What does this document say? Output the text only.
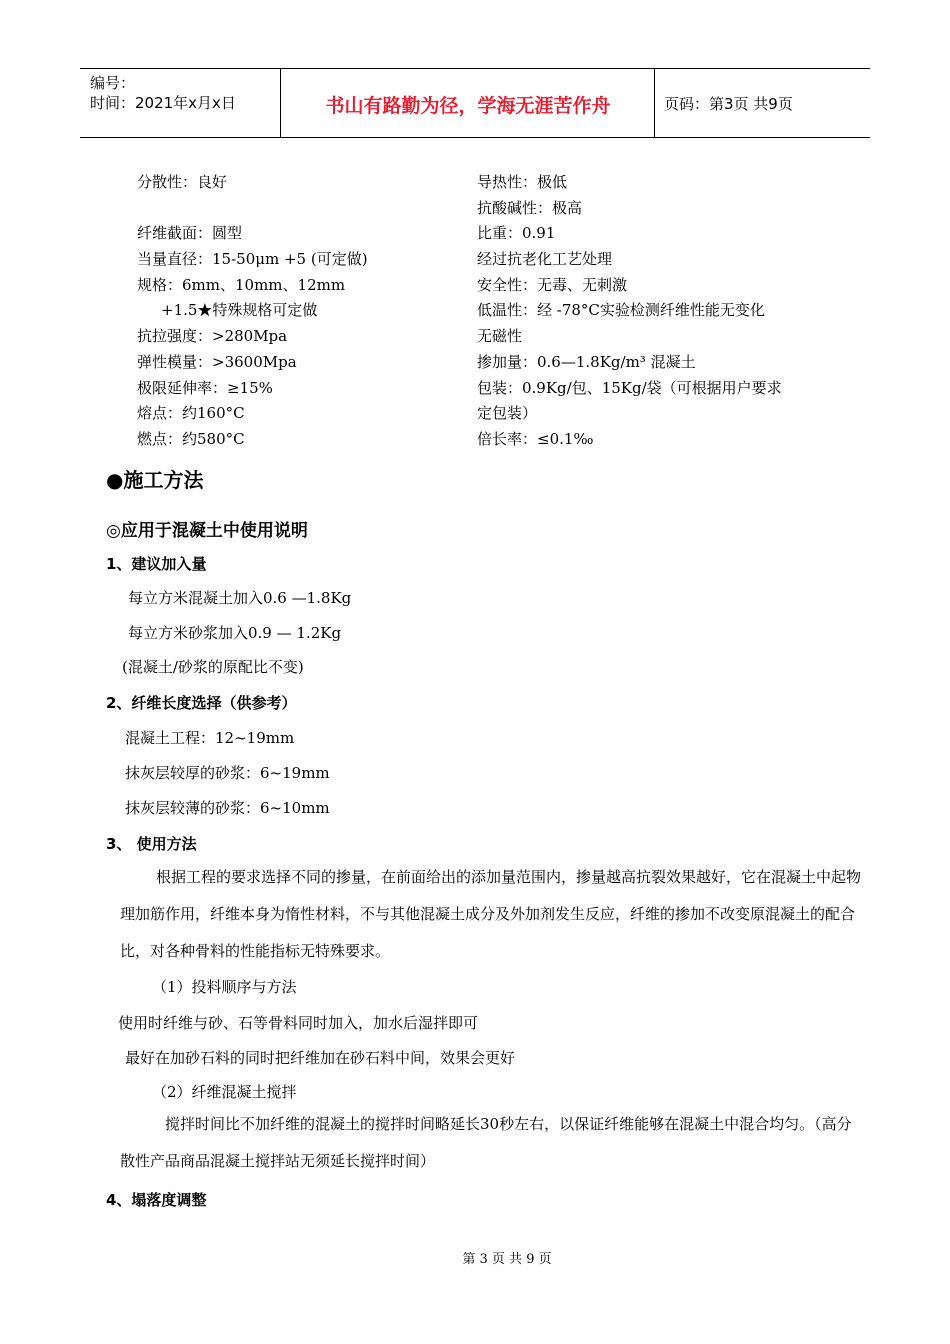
编号：
时间：2021年x月x日	书山有路勤为径，学海无涯苦作舟	页码：第3页 共9页
分散性：良好
纤维截面：圆型
当量直径：15-50μm +5 (可定做)
规格：6mm、10mm、12mm
+1.5★特殊规格可定做
抗拉强度：>280Mpa
弹性模量：>3600Mpa
极限延伸率：≥15%
熔点：约160°C
燃点：约580°C
导热性：极低
抗酸碱性：极高
比重：0.91
经过抗老化工艺处理
安全性：无毒、无刺激
低温性：经 -78°C实验检测纤维性能无变化
无磁性
掺加量：0.6—1.8Kg/m³ 混凝土
包装：0.9Kg/包、15Kg/袋（可根据用户要求
定包装）
倍长率：≤0.1‰
●施工方法
◎应用于混凝土中使用说明
1、建议加入量
每立方米混凝土加入0.6 —1.8Kg
每立方米砂浆加入0.9 — 1.2Kg
(混凝土/砂浆的原配比不变)
2、纤维长度选择（供参考）
混凝土工程：12~19mm
抹灰层较厚的砂浆：6~19mm
抹灰层较薄的砂浆：6~10mm
3、 使用方法
根据工程的要求选择不同的掺量，在前面给出的添加量范围内，掺量越高抗裂效果越好，它在混凝土中起物理加筋作用，纤维本身为惰性材料，不与其他混凝土成分及外加剂发生反应，纤维的掺加不改变原混凝土的配合比，对各种骨料的性能指标无特殊要求。
（1）投料顺序与方法
使用时纤维与砂、石等骨料同时加入，加水后湿拌即可
最好在加砂石料的同时把纤维加在砂石料中间，效果会更好
（2）纤维混凝土搅拌
搅拌时间比不加纤维的混凝土的搅拌时间略延长30秒左右，以保证纤维能够在混凝土中混合均匀。（高分散性产品商品混凝土搅拌站无须延长搅拌时间）
4、塌落度调整
第 3 页 共 9 页
